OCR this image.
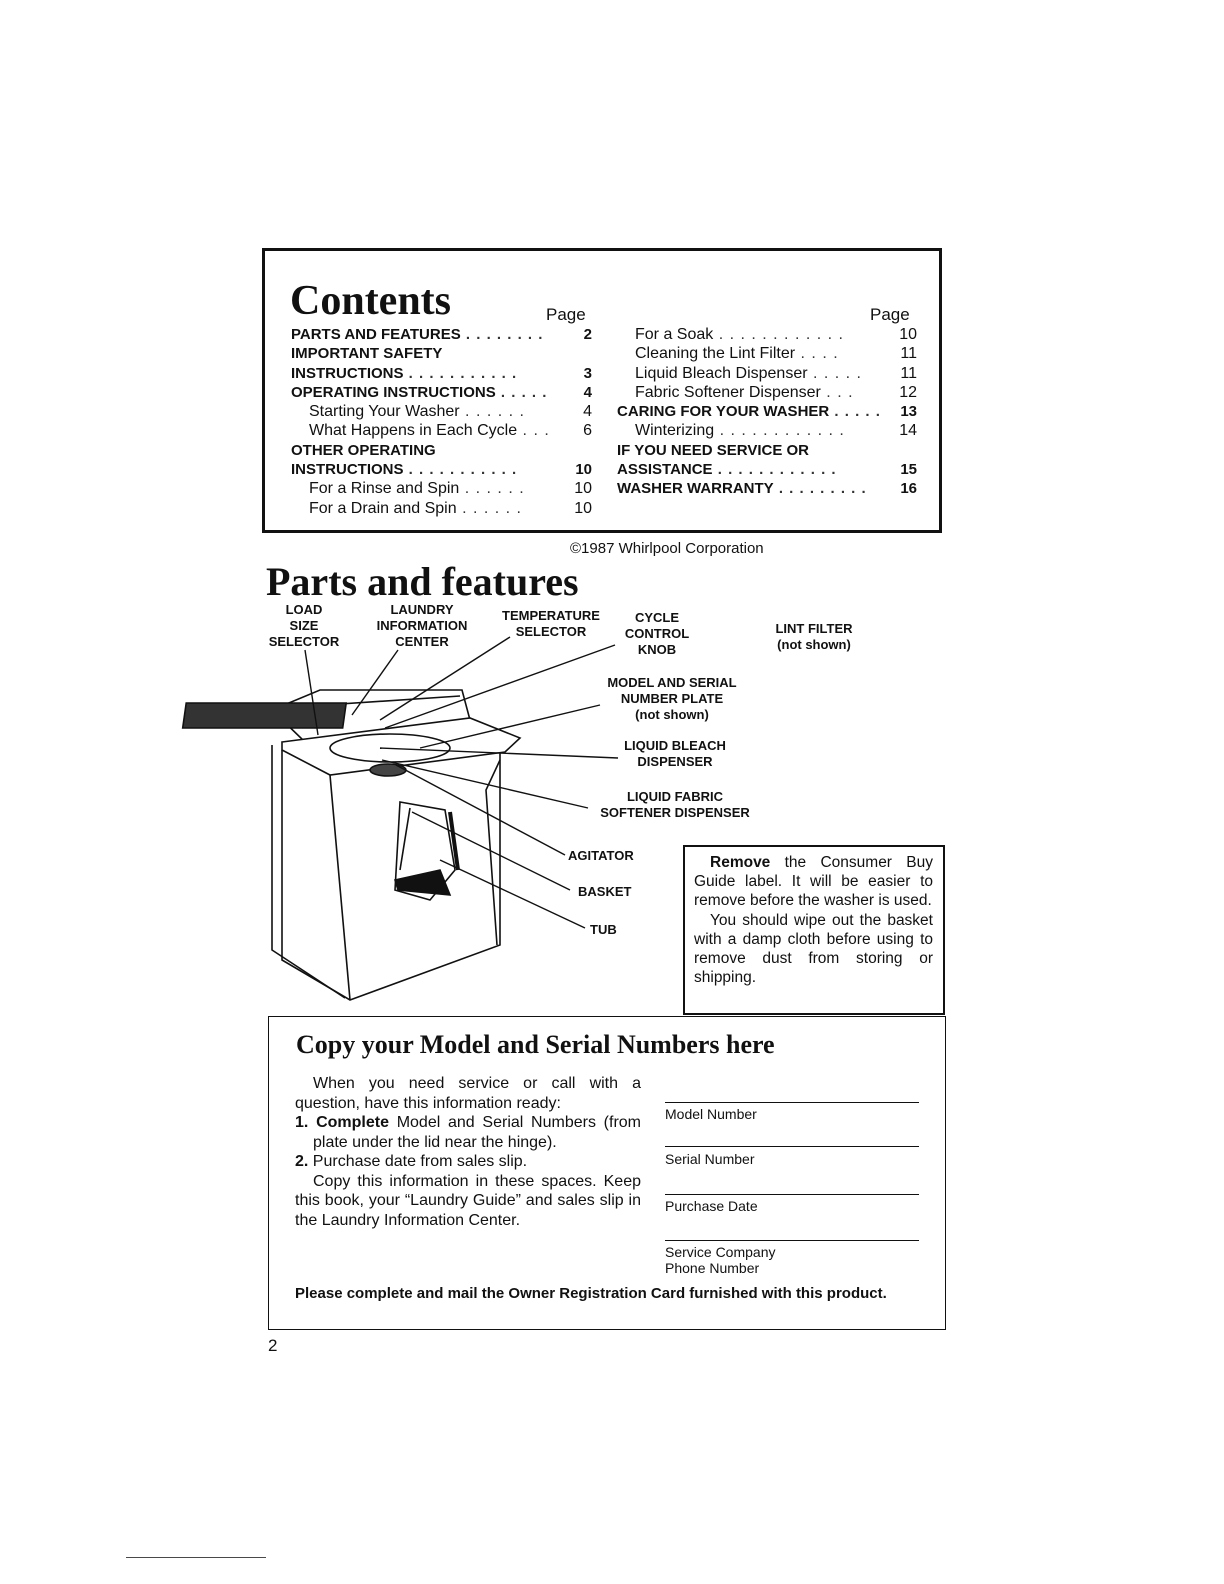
Contents	Page	Page
PARTS AND FEATURES . . . . . . . .	2
IMPORTANT SAFETY
INSTRUCTIONS . . . . . . . . . . .	3
OPERATING INSTRUCTIONS . . . . . 4
Starting Your Washer . . . . . .	4
What Happens in Each Cycle . . . 6
OTHER OPERATING
INSTRUCTIONS . . . . . . . . . . .	10
For a Rinse and Spin . . . . . .	10
For a Drain and Spin . . . . . .	10
For a Soak . . . . . . . . . . . .	10
Cleaning the Lint Filter . . . .	11
Liquid Bleach Dispenser . . . . . 11
Fabric Softener Dispenser . . .	12
CARING FOR YOUR WASHER . . . . . 13
Winterizing . . . . . . . . . . . .	14
IF YOU NEED SERVICE OR
ASSISTANCE . . . . . . . . . . . .	15
WASHER WARRANTY . . . . . . . . . 16
©1987 Whirlpool Corporation
Parts and features
LOAD
SIZE
SELECTOR
LAUNDRY
INFORMATION
CENTER
TEMPERATURE
SELECTOR
CYCLE
CONTROL
KNOB
LINT FILTER
(not shown)
MODEL AND SERIAL
NUMBER PLATE
(not shown)
LIQUID BLEACH
DISPENSER
LIQUID FABRIC
SOFTENER DISPENSER
AGITATOR
BASKET
TUB

Remove the Consumer Buy Guide label. It will be easier to remove before the washer is used.

You should wipe out the basket with a damp cloth before using to remove dust from storing or shipping.

Copy your Model and Serial Numbers here

When you need service or call with a question, have this information ready:

1. Complete Model and Serial Numbers (from plate under the lid near the hinge).

2. Purchase date from sales slip.

Copy this information in these spaces. Keep this book, your “Laundry Guide” and sales slip in the Laundry Information Center.

Model Number
Serial Number
Purchase Date
Service Company
Phone Number
Please complete and mail the Owner Registration Card furnished with this product.
2
